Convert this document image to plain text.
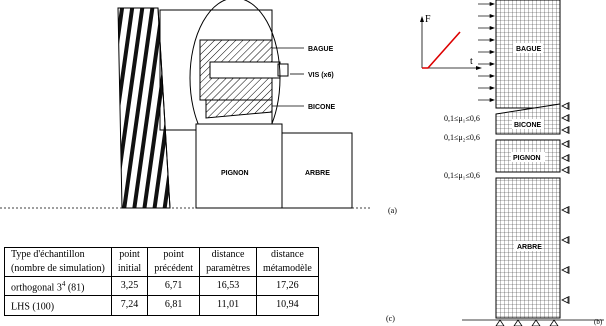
BAGUE
VIS (x6)
BICONE
PIGNON	ARBRE
(a)
F
t
BAGUE
BICONE
PIGNON
ARBRE
0,1≤μ₁≤0,6
0,1≤μ₂≤0,6
0,1≤μ₁≤0,6
(b)
Type d'échantillon	point	point	distance	distance
(nombre de simulation)	initial	précédent	paramètres	métamodèle
orthogonal $3^4$ (81)	3,25	6,71	16,53	17,26
LHS (100)	7,24	6,81	11,01	10,94
(c)
